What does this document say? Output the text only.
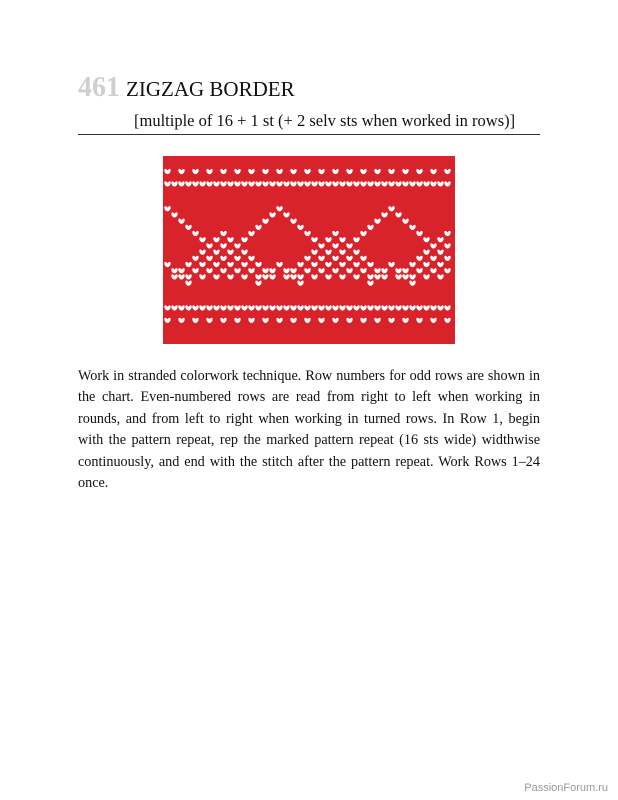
461 ZIGZAG BORDER
[multiple of 16 + 1 st (+ 2 selv sts when worked in rows)]
Work in stranded colorwork technique. Row numbers for odd rows are shown in the chart. Even-numbered rows are read from right to left when working in rounds, and from left to right when working in turned rows. In Row 1, begin with the pattern repeat, rep the marked pattern repeat (16 sts wide) widthwise continuously, and end with the stitch after the pattern repeat. Work Rows 1–24 once.
PassionForum.ru
